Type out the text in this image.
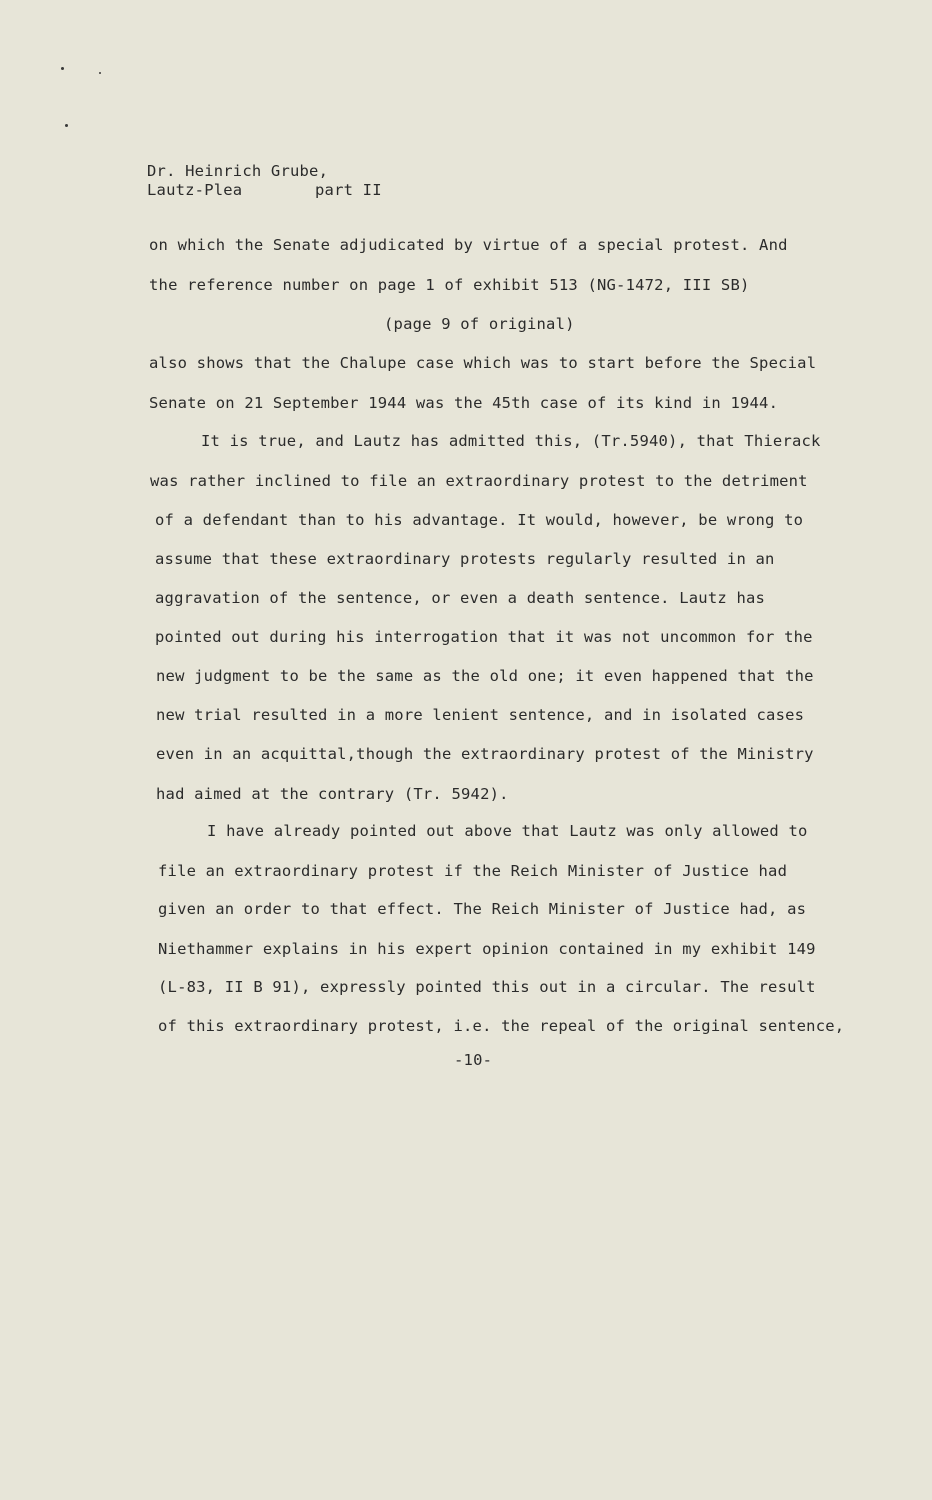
Dr. Heinrich Grube,
Lautz-Plea	part II
on which the Senate adjudicated by virtue of a special protest. And
the reference number on page 1 of exhibit 513 (NG-1472, III SB)
(page 9 of original)
also shows that the Chalupe case which was to start before the Special
Senate on 21 September 1944 was the 45th case of its kind in 1944.
It is true, and Lautz has admitted this, (Tr.5940), that Thierack
was rather inclined to file an extraordinary protest to the detriment
of a defendant than to his advantage. It would, however, be wrong to
assume that these extraordinary protests regularly resulted in an
aggravation of the sentence, or even a death sentence. Lautz has
pointed out during his interrogation that it was not uncommon for the
new judgment to be the same as the old one; it even happened that the
new trial resulted in a more lenient sentence, and in isolated cases
even in an acquittal,though the extraordinary protest of the Ministry
had aimed at the contrary (Tr. 5942).
I have already pointed out above that Lautz was only allowed to
file an extraordinary protest if the Reich Minister of Justice had
given an order to that effect. The Reich Minister of Justice had, as
Niethammer explains in his expert opinion contained in my exhibit 149
(L-83, II B 91), expressly pointed this out in a circular. The result
of this extraordinary protest, i.e. the repeal of the original sentence,
-10-
